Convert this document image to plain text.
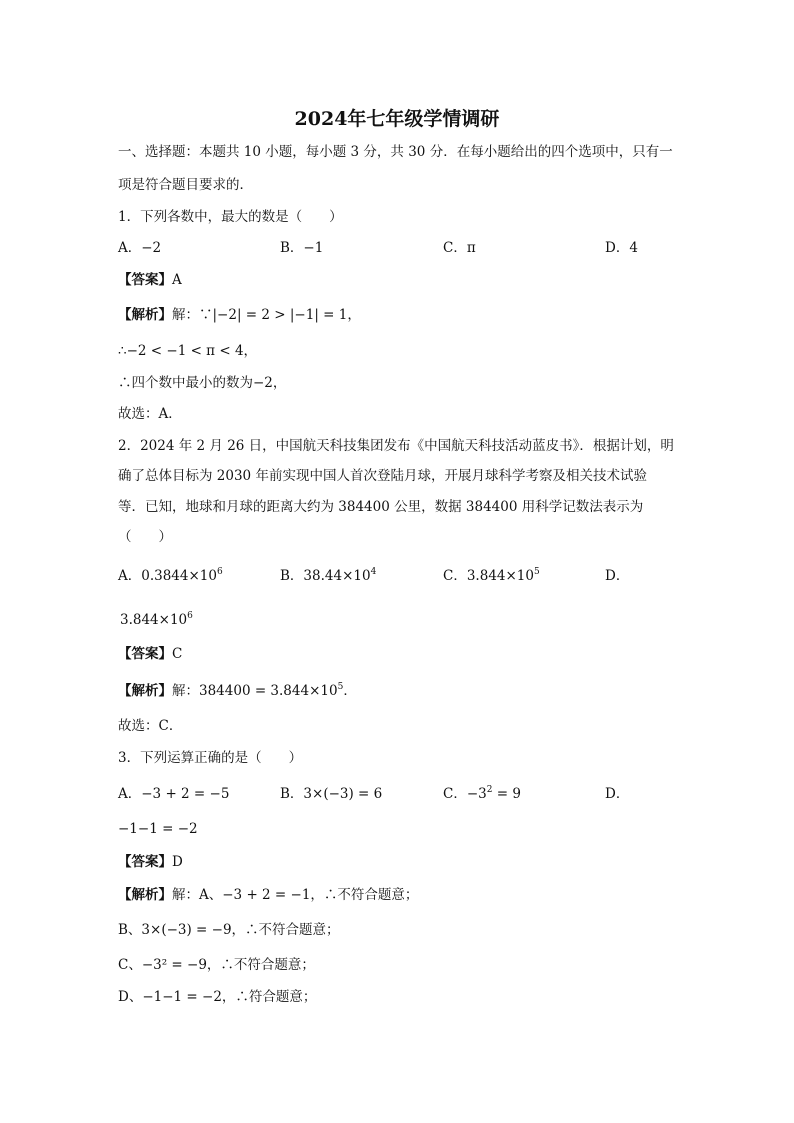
2024年七年级学情调研
一、选择题：本题共 10 小题，每小题 3 分，共 30 分．在每小题给出的四个选项中，只有一
项是符合题目要求的．
1．下列各数中，最大的数是（　　）
A．−2	B．−1	C．π	D．4
【答案】A
【解析】解：∵|−2| = 2 > |−1| = 1，
∴−2 < −1 < π < 4，
∴四个数中最小的数为−2，
故选：A．
2．2024 年 2 月 26 日，中国航天科技集团发布《中国航天科技活动蓝皮书》．根据计划，明
确了总体目标为 2030 年前实现中国人首次登陆月球，开展月球科学考察及相关技术试验
等．已知，地球和月球的距离大约为 384400 公里，数据 384400 用科学记数法表示为
（　　）
A．$0.3844\times 10^6$	B．$38.44\times 10^4$	C．$3.844\times 10^5$	D．
$3.844\times 10^6$
【答案】C
【解析】解：$384400 = 3.844\times 10^5$．
故选：C．
3．下列运算正确的是（　　）
A．−3 + 2 = −5	B．3×(−3) = 6	C．$-3^2 = 9$	D．
−1−1 = −2
【答案】D
【解析】解：A、−3 + 2 = −1，∴不符合题意；
B、3×(−3) = −9，∴不符合题意；
C、−3² = −9，∴不符合题意；
D、−1−1 = −2，∴符合题意；
